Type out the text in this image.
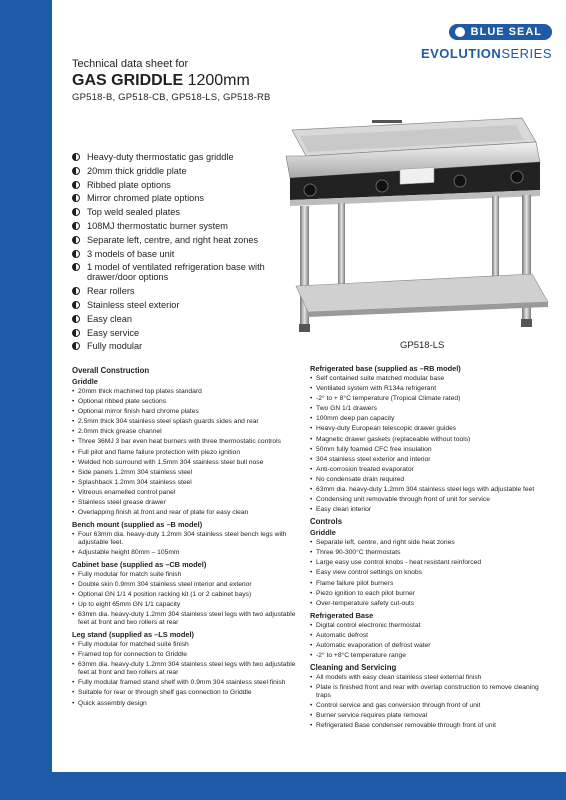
BLUE SEAL
EVOLUTIONSERIES

Technical data sheet for

GAS GRIDDLE 1200mm
GP518-B, GP518-CB, GP518-LS, GP518-RB
Heavy-duty thermostatic gas griddle
20mm thick griddle plate
Ribbed plate options
Mirror chromed plate options
Top weld sealed plates
108MJ thermostatic burner system
Separate left, centre, and right heat zones
3 models of base unit
1 model of ventilated refrigeration base with drawer/door options
Rear rollers
Stainless steel exterior
Easy clean
Easy service
Fully modular	GP518-LS
Overall Construction
Griddle
• 20mm thick machined top plates standard
• Optional ribbed plate sections
• Optional mirror finish hard chrome plates
• 2.5mm thick 304 stainless steel splash guards sides and rear
• 2.0mm thick grease channel
• Three 36MJ 3 bar even heat burners with three thermostatic controls
• Full pilot and flame failure protection with piezo ignition
• Welded hob surround with 1.5mm 304 stainless steel bull nose
• Side panels 1.2mm 304 stainless steel
• Splashback 1.2mm 304 stainless steel
• Vitreous enamelled control panel
• Stainless steel grease drawer
• Overlapping finish at front and rear of plate for easy clean
Bench mount (supplied as –B model)
• Four 63mm dia. heavy-duty 1.2mm 304 stainless steel bench legs with adjustable feet.
• Adjustable height 80mm – 105mm
Cabinet base (supplied as –CB model)
• Fully modular for match suite finish
• Double skin 0.9mm 304 stainless steel interior and exterior
• Optional GN 1/1 4 position racking kit (1 or 2 cabinet bays)
• Up to eight 65mm GN 1/1 capacity
• 63mm dia. heavy-duty 1.2mm 304 stainless steel legs with two adjustable feet at front and two rollers at rear
Leg stand (supplied as –LS model)
• Fully modular for matched suite finish
• Framed top for connection to Griddle
• 63mm dia. heavy-duty 1.2mm 304 stainless steel legs with two adjustable feet at front and two rollers at rear
• Fully modular framed stand shelf with 0.9mm 304 stainless steel finish
• Suitable for rear or through shelf gas connection to Griddle
• Quick assembly design
Refrigerated base (supplied as –RB model)
• Self contained suite matched modular base
• Ventilated system with R134a refrigerant
• -2° to + 8°C temperature (Tropical Climate rated)
• Two GN 1/1 drawers
• 100mm deep pan capacity
• Heavy-duty European telescopic drawer guides
• Magnetic drawer gaskets (replaceable without tools)
• 50mm fully foamed CFC free insulation
• 304 stainless steel exterior and interior
• Anti-corrosion treated evaporator
• No condensate drain required
• 63mm dia. heavy-duty 1.2mm 304 stainless steel legs with adjustable feet
• Condensing unit removable through front of unit for service
• Easy clean interior
Controls
Griddle
• Separate left, centre, and right side heat zones
• Three 90-300°C thermostats
• Large easy use control knobs - heat resistant reinforced
• Easy view control settings on knobs
• Flame failure pilot burners
• Piezo ignition to each pilot burner
• Over-temperature safety cut-outs
Refrigerated Base
• Digital control electronic thermostat
• Automatic defrost
• Automatic evaporation of defrost water
• -2° to +8°C temperature range
Cleaning and Servicing
• All models with easy clean stainless steel external finish
• Plate is finished front and rear with overlap construction to remove cleaning traps
• Control service and gas conversion through front of unit
• Burner service requires plate removal
• Refrigerated Base condenser removable through front of unit
